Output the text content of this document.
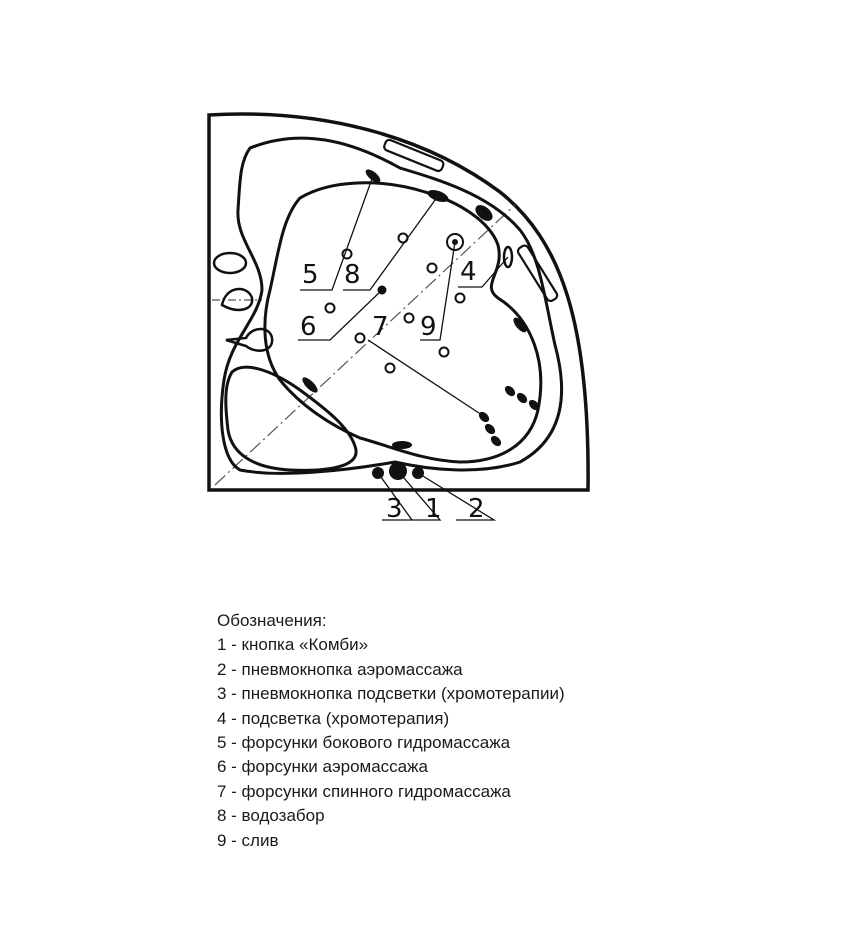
5 8	4
6 7 9
3 1 2
Обозначения:
1 - кнопка «Комби»
2 - пневмокнопка аэромассажа
3 - пневмокнопка подсветки (хромотерапии)
4 - подсветка (хромотерапия)
5 - форсунки бокового гидромассажа
6 - форсунки аэромассажа
7 - форсунки спинного гидромассажа
8 - водозабор
9 - слив
